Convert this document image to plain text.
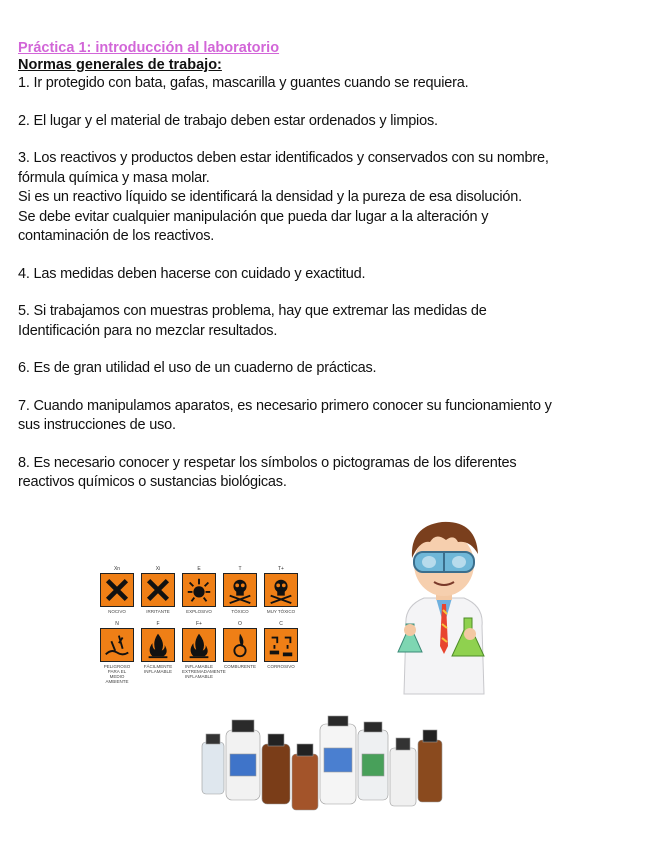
Práctica 1: introducción al laboratorio

Normas generales de trabajo:

1. Ir protegido con bata, gafas, mascarilla y guantes cuando se requiera.

2. El lugar y el material de trabajo deben estar ordenados y limpios.

3. Los reactivos y productos deben estar identificados y conservados con su nombre,
fórmula química y masa molar.
Si es un reactivo líquido se identificará la densidad y la pureza de esa disolución.
Se debe evitar cualquier manipulación que pueda dar lugar a la alteración y
contaminación de los reactivos.

4. Las medidas deben hacerse con cuidado y exactitud.

5. Si trabajamos con muestras problema, hay que extremar las medidas de
Identificación para no mezclar resultados.

6. Es de gran utilidad el uso de un cuaderno de prácticas.

7. Cuando manipulamos aparatos, es necesario primero conocer su funcionamiento y
sus instrucciones de uso.

8. Es necesario conocer y respetar los símbolos o pictogramas de los diferentes
reactivos químicos o sustancias biológicas.

Xn
NOCIVO
Xi
IRRITANTE
E
EXPLOSIVO
T
TÓXICO
T+
MUY TÓXICO
N
PELIGROSO PARA EL MEDIO AMBIENTE
F
FÁCILMENTE INFLAMABLE
F+
INFLAMABLE EXTREMADAMENTE INFLAMABLE
O
COMBURENTE
C
CORROSIVO
